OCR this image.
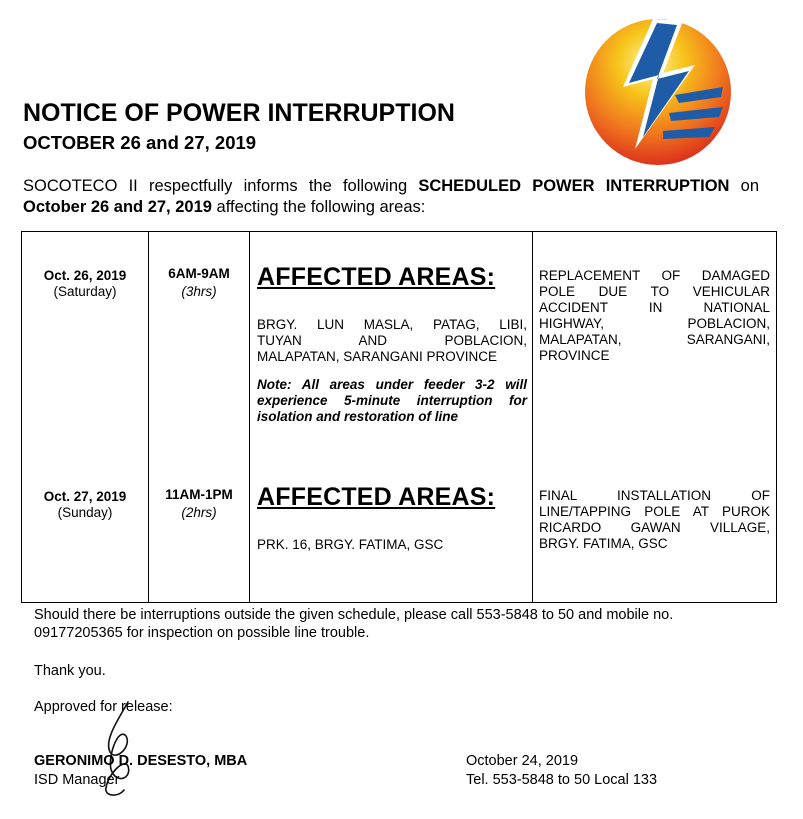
NOTICE OF POWER INTERRUPTION
OCTOBER 26 and 27, 2019
SOCOTECO II respectfully informs the following SCHEDULED POWER INTERRUPTION on October 26 and 27, 2019 affecting the following areas:
Oct. 26, 2019
(Saturday)
6AM-9AM
(3hrs)
AFFECTED AREAS:
BRGY. LUN MASLA, PATAG, LIBI,
TUYAN AND POBLACION,
MALAPATAN, SARANGANI PROVINCE
Note: All areas under feeder 3-2 will
experience 5-minute interruption for
isolation and restoration of line
REPLACEMENT OF DAMAGED
POLE DUE TO VEHICULAR
ACCIDENT IN NATIONAL
HIGHWAY, POBLACION,
MALAPATAN, SARANGANI,
PROVINCE
Oct. 27, 2019
(Sunday)
11AM-1PM
(2hrs)
AFFECTED AREAS:
PRK. 16, BRGY. FATIMA, GSC
FINAL INSTALLATION OF
LINE/TAPPING POLE AT PUROK
RICARDO GAWAN VILLAGE,
BRGY. FATIMA, GSC
Should there be interruptions outside the given schedule, please call 553-5848 to 50 and mobile no. 09177205365 for inspection on possible line trouble.
Thank you.
Approved for release:
GERONIMO D. DESESTO, MBA
ISD Manager
October 24, 2019
Tel. 553-5848 to 50 Local 133
